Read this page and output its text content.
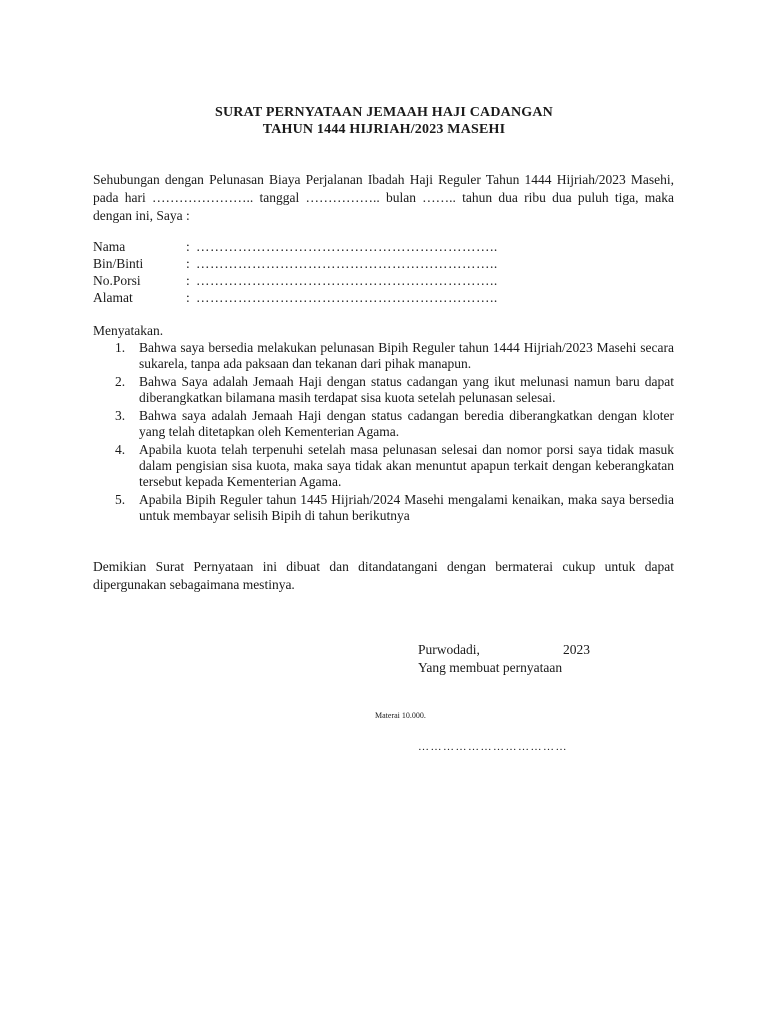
SURAT PERNYATAAN JEMAAH HAJI CADANGAN
TAHUN 1444 HIJRIAH/2023 MASEHI
Sehubungan dengan Pelunasan Biaya Perjalanan Ibadah Haji Reguler Tahun 1444 Hijriah/2023 Masehi, pada hari ………………….. tanggal …………….. bulan …….. tahun dua ribu dua puluh tiga, maka dengan ini, Saya :
Nama	:………………………………………………………..
Bin/Binti	: ………………………………………………………..
No.Porsi	: ………………………………………………………..
Alamat	: ………………………………………………………..
Menyatakan.
1. Bahwa saya bersedia melakukan pelunasan Bipih Reguler tahun 1444 Hijriah/2023 Masehi secara sukarela, tanpa ada paksaan dan tekanan dari pihak manapun.
2. Bahwa Saya adalah Jemaah Haji dengan status cadangan yang ikut melunasi namun baru dapat diberangkatkan bilamana masih terdapat sisa kuota setelah pelunasan selesai.
3. Bahwa saya adalah Jemaah Haji dengan status cadangan beredia diberangkatkan dengan kloter yang telah ditetapkan oleh Kementerian Agama.
4. Apabila kuota telah terpenuhi setelah masa pelunasan selesai dan nomor porsi saya tidak masuk dalam pengisian sisa kuota, maka saya tidak akan menuntut apapun terkait dengan keberangkatan tersebut kepada Kementerian Agama.
5. Apabila Bipih Reguler tahun 1445 Hijriah/2024 Masehi mengalami kenaikan, maka saya bersedia untuk membayar selisih Bipih di tahun berikutnya
Demikian Surat Pernyataan ini dibuat dan ditandatangani dengan bermaterai cukup untuk dapat dipergunakan sebagaimana mestinya.
Purwodadi,	2023
Yang membuat pernyataan
Materai 10.000.
………………………………
